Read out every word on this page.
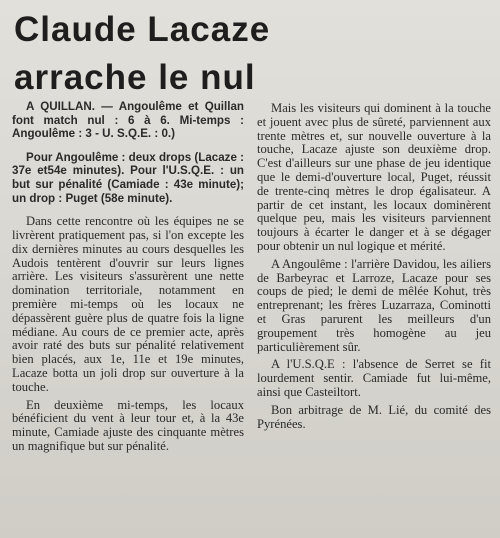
Claude Lacaze
arrache le nul

A QUILLAN. — Angoulême et Quillan font match nul : 6 à 6. Mi-temps : Angoulême : 3 - U. S.Q.E. : 0.)

Pour Angoulême : deux drops (Lacaze : 37e et54e minutes). Pour l'U.S.Q.E. : un but sur pénalité (Camiade : 43e minute); un drop : Puget (58e minute).

Dans cette rencontre où les équipes ne se livrèrent pratiquement pas, si l'on excepte les dix dernières minutes au cours desquelles les Audois tentèrent d'ouvrir sur leurs lignes arrière. Les visiteurs s'assurèrent une nette domination territoriale, notamment en première mi-temps où les locaux ne dépassèrent guère plus de quatre fois la ligne médiane. Au cours de ce premier acte, après avoir raté des buts sur pénalité relativement bien placés, aux 1e, 11e et 19e minutes, Lacaze botta un joli drop sur ouverture à la touche.

En deuxième mi-temps, les locaux bénéficient du vent à leur tour et, à la 43e minute, Camiade ajuste des cinquante mètres un magnifique but sur pénalité.

Mais les visiteurs qui dominent à la touche et jouent avec plus de sûreté, parviennent aux trente mètres et, sur nouvelle ouverture à la touche, Lacaze ajuste son deuxième drop. C'est d'ailleurs sur une phase de jeu identique que le demi-d'ouverture local, Puget, réussit de trente-cinq mètres le drop égalisateur. A partir de cet instant, les locaux dominèrent quelque peu, mais les visiteurs parviennent toujours à écarter le danger et à se dégager pour obtenir un nul logique et mérité.

A Angoulême : l'arrière Davidou, les ailiers de Barbeyrac et Larroze, Lacaze pour ses coups de pied; le demi de mêlée Kohut, très entreprenant; les frères Luzarraza, Cominotti et Gras parurent les meilleurs d'un groupement très homogène au jeu particulièrement sûr.

A l'U.S.Q.E : l'absence de Serret se fit lourdement sentir. Camiade fut lui-même, ainsi que Casteiltort.

Bon arbitrage de M. Lié, du comité des Pyrénées.
